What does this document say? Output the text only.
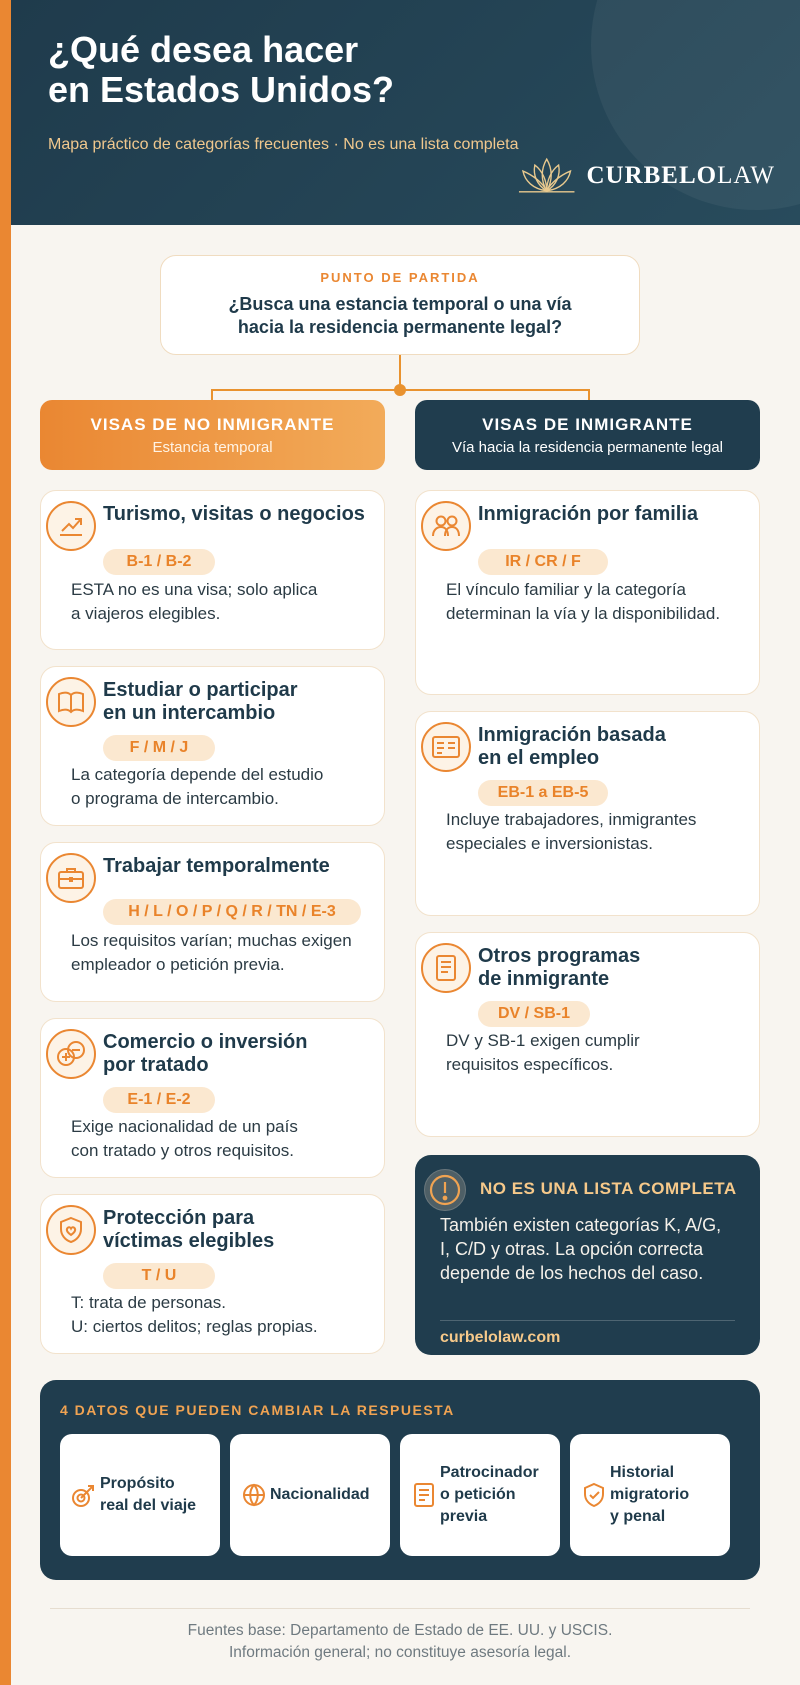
¿Qué desea hacer
en Estados Unidos?
Mapa práctico de categorías frecuentes · No es una lista completa
CURBELOLAW
PUNTO DE PARTIDA
¿Busca una estancia temporal o una vía
hacia la residencia permanente legal?
VISAS DE NO INMIGRANTE
Estancia temporal
VISAS DE INMIGRANTE
Vía hacia la residencia permanente legal
Turismo, visitas o negocios
B-1 / B-2
ESTA no es una visa; solo aplica
a viajeros elegibles.
Estudiar o participar
en un intercambio
F / M / J
La categoría depende del estudio
o programa de intercambio.
Trabajar temporalmente
H / L / O / P / Q / R / TN / E-3
Los requisitos varían; muchas exigen
empleador o petición previa.
Comercio o inversión
por tratado
E-1 / E-2
Exige nacionalidad de un país
con tratado y otros requisitos.
Protección para
víctimas elegibles
T / U
T: trata de personas.
U: ciertos delitos; reglas propias.
Inmigración por familia
IR / CR / F
El vínculo familiar y la categoría
determinan la vía y la disponibilidad.
Inmigración basada
en el empleo
EB-1 a EB-5
Incluye trabajadores, inmigrantes
especiales e inversionistas.
Otros programas
de inmigrante
DV / SB-1
DV y SB-1 exigen cumplir
requisitos específicos.
NO ES UNA LISTA COMPLETA
También existen categorías K, A/G,
I, C/D y otras. La opción correcta
depende de los hechos del caso.
curbelolaw.com
4 DATOS QUE PUEDEN CAMBIAR LA RESPUESTA
Propósito
real del viaje
Nacionalidad
Patrocinador
o petición
previa
Historial
migratorio
y penal
Fuentes base: Departamento de Estado de EE. UU. y USCIS.
Información general; no constituye asesoría legal.
